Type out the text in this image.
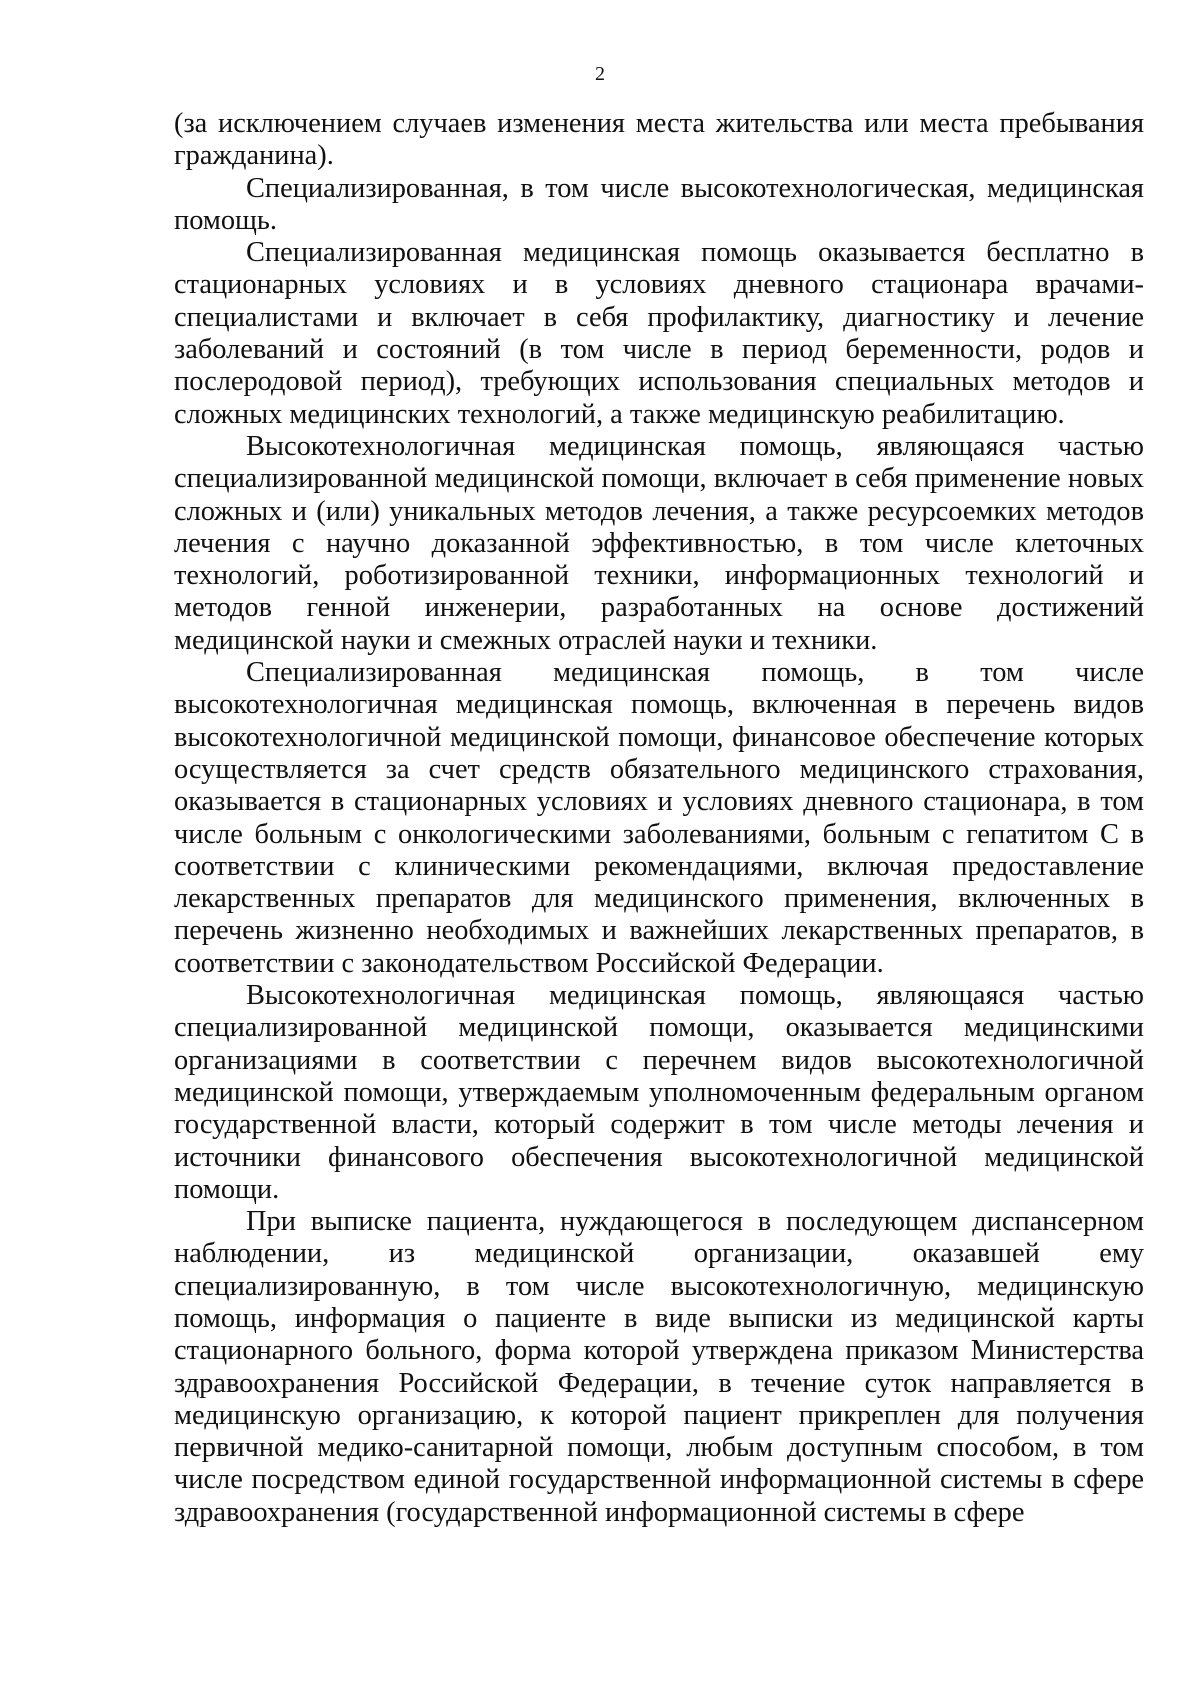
2

(за исключением случаев изменения места жительства или места пребывания гражданина).

Специализированная, в том числе высокотехнологическая, медицинская помощь.

Специализированная медицинская помощь оказывается бесплатно в стационарных условиях и в условиях дневного стационара врачами-специалистами и включает в себя профилактику, диагностику и лечение заболеваний и состояний (в том числе в период беременности, родов и послеродовой период), требующих использования специальных методов и сложных медицинских технологий, а также медицинскую реабилитацию.

Высокотехнологичная медицинская помощь, являющаяся частью специализированной медицинской помощи, включает в себя применение новых сложных и (или) уникальных методов лечения, а также ресурсоемких методов лечения с научно доказанной эффективностью, в том числе клеточных технологий, роботизированной техники, информационных технологий и методов генной инженерии, разработанных на основе достижений медицинской науки и смежных отраслей науки и техники.

Специализированная медицинская помощь, в том числе высокотехнологичная медицинская помощь, включенная в перечень видов высокотехнологичной медицинской помощи, финансовое обеспечение которых осуществляется за счет средств обязательного медицинского страхования, оказывается в стационарных условиях и условиях дневного стационара, в том числе больным с онкологическими заболеваниями, больным с гепатитом С в соответствии с клиническими рекомендациями, включая предоставление лекарственных препаратов для медицинского применения, включенных в перечень жизненно необходимых и важнейших лекарственных препаратов, в соответствии с законодательством Российской Федерации.

Высокотехнологичная медицинская помощь, являющаяся частью специализированной медицинской помощи, оказывается медицинскими организациями в соответствии с перечнем видов высокотехнологичной медицинской помощи, утверждаемым уполномоченным федеральным органом государственной власти, который содержит в том числе методы лечения и источники финансового обеспечения высокотехнологичной медицинской помощи.

При выписке пациента, нуждающегося в последующем диспансерном наблюдении, из медицинской организации, оказавшей ему специализированную, в том числе высокотехнологичную, медицинскую помощь, информация о пациенте в виде выписки из медицинской карты стационарного больного, форма которой утверждена приказом Министерства здравоохранения Российской Федерации, в течение суток направляется в медицинскую организацию, к которой пациент прикреплен для получения первичной медико-санитарной помощи, любым доступным способом, в том числе посредством единой государственной информационной системы в сфере здравоохранения (государственной информационной системы в сфере
